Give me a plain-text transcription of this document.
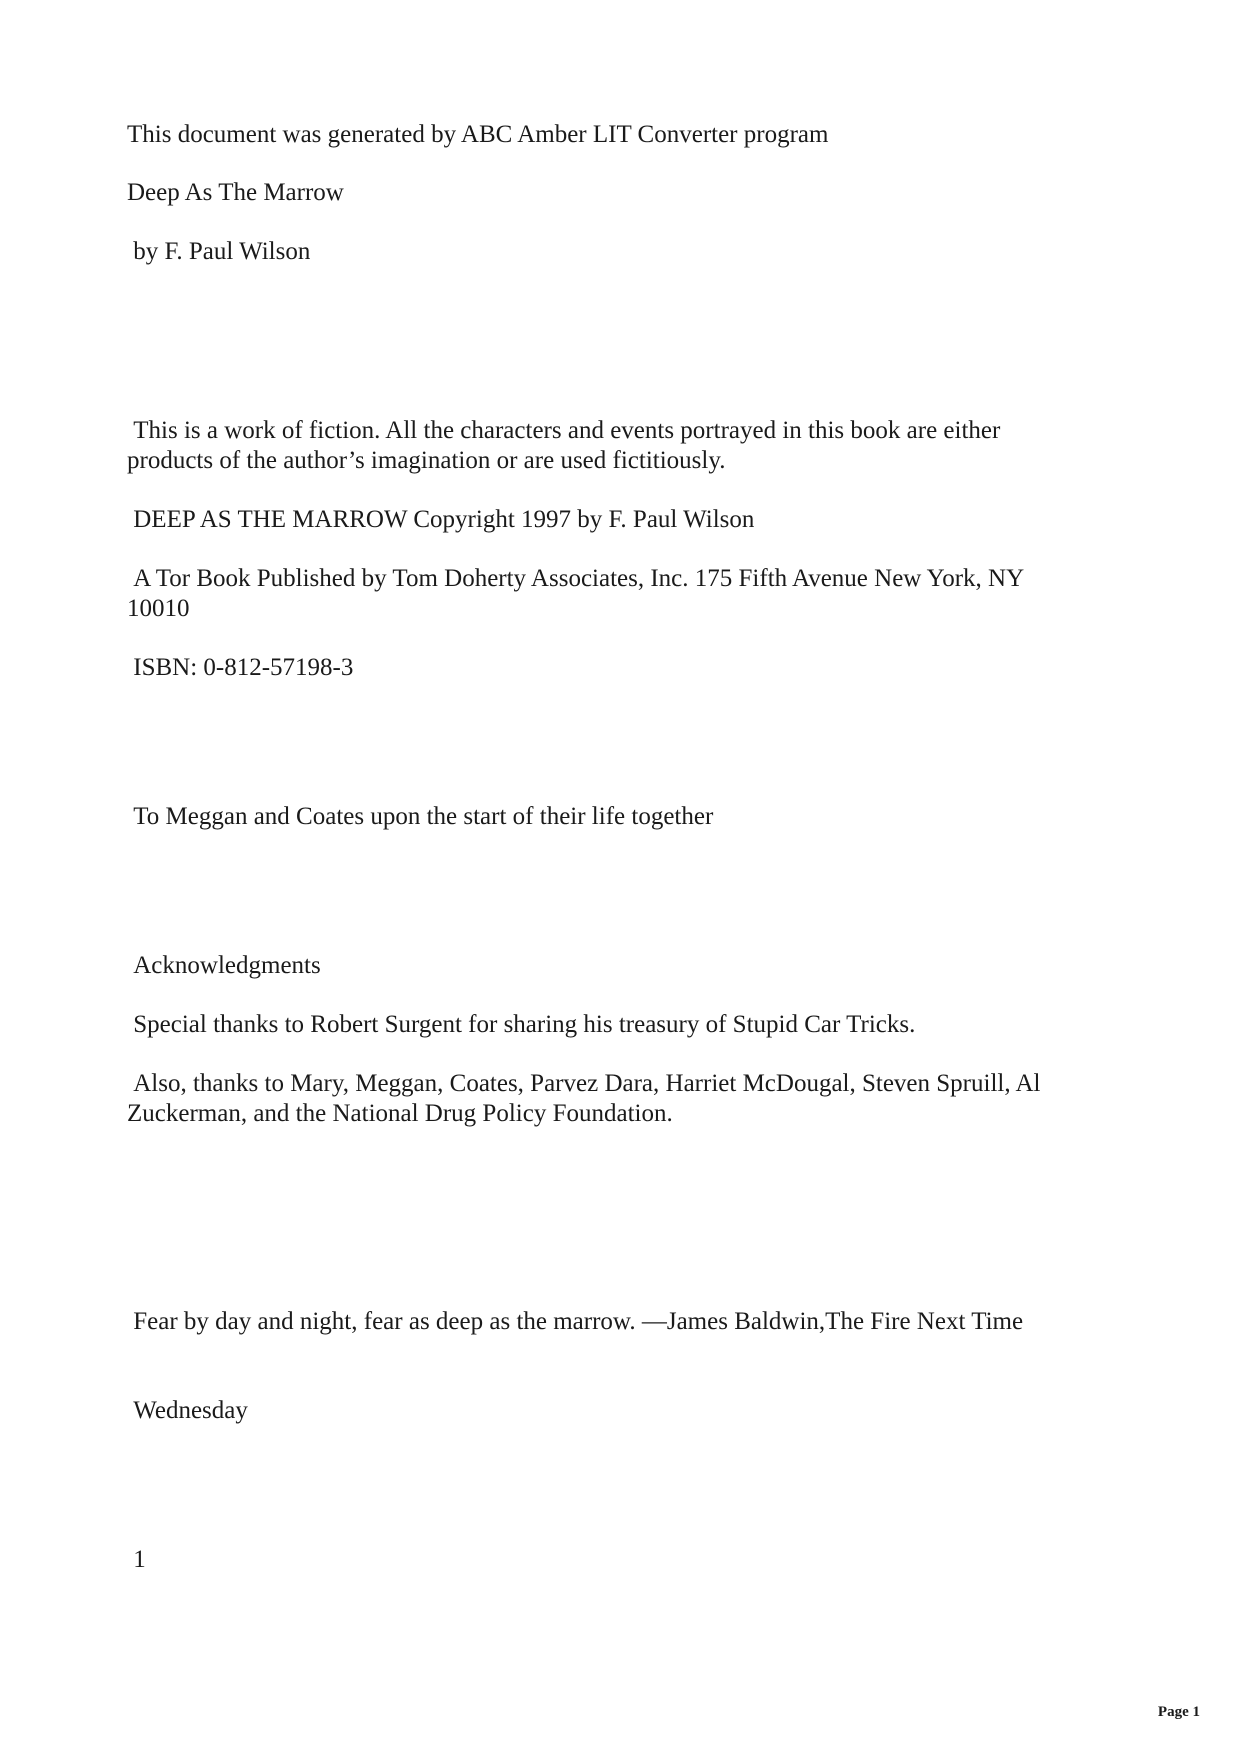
This document was generated by ABC Amber LIT Converter program

Deep As The Marrow

by F. Paul Wilson

This is a work of fiction. All the characters and events portrayed in this book are either products of the author’s imagination or are used fictitiously.

DEEP AS THE MARROW Copyright 1997 by F. Paul Wilson

A Tor Book Published by Tom Doherty Associates, Inc. 175 Fifth Avenue New York, NY 10010

ISBN: 0-812-57198-3

To Meggan and Coates upon the start of their life together

Acknowledgments

Special thanks to Robert Surgent for sharing his treasury of Stupid Car Tricks.

Also, thanks to Mary, Meggan, Coates, Parvez Dara, Harriet McDougal, Steven Spruill, Al Zuckerman, and the National Drug Policy Foundation.

Fear by day and night, fear as deep as the marrow. —James Baldwin,The Fire Next Time

Wednesday

1

Page 1
